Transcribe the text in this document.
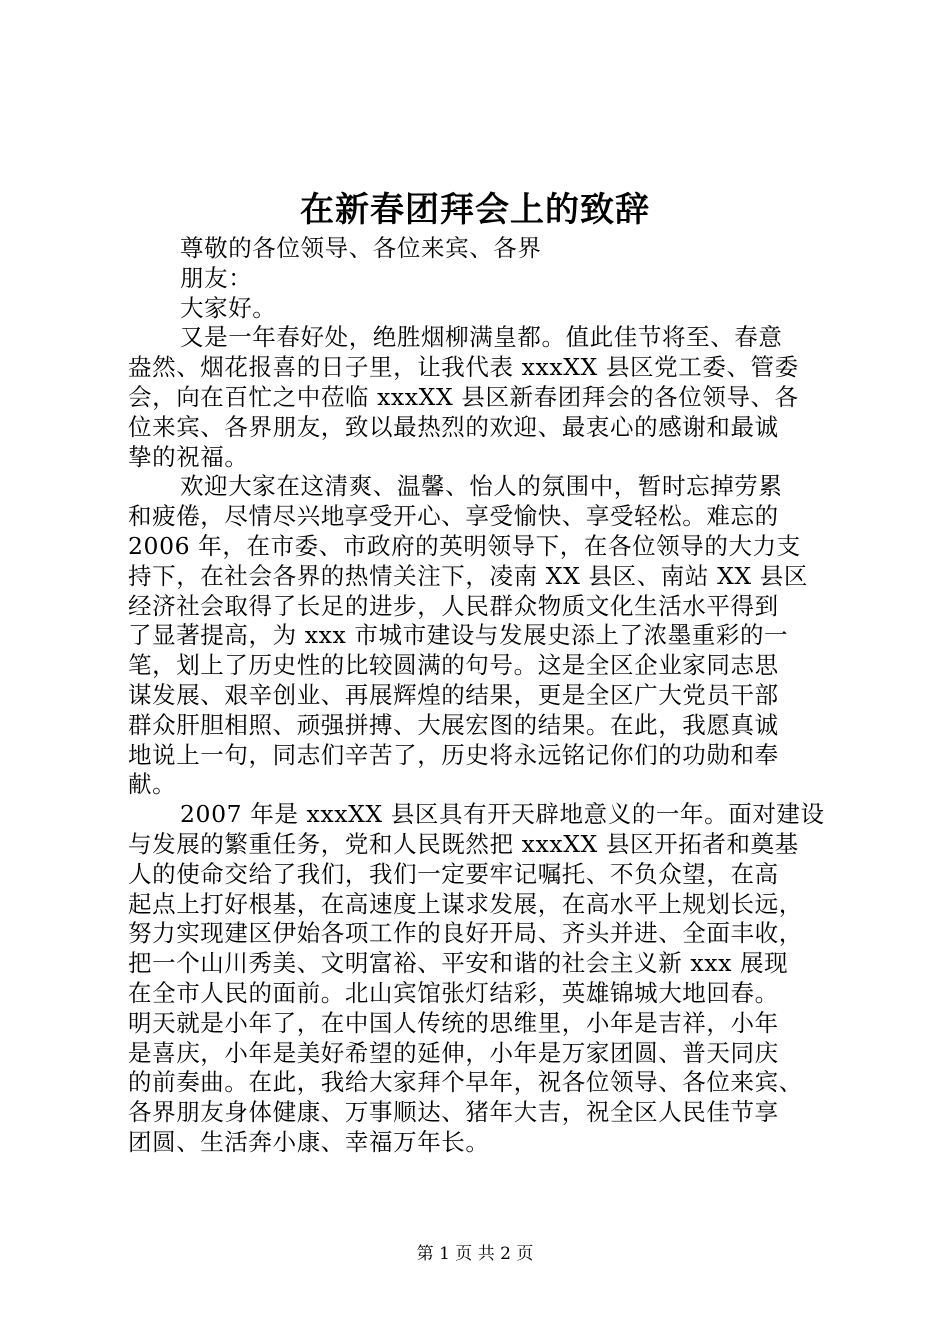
在新春团拜会上的致辞

尊敬的各位领导、各位来宾、各界

朋友：

大家好。

又是一年春好处，绝胜烟柳满皇都。值此佳节将至、春意

盎然、烟花报喜的日子里，让我代表 xxxXX 县区党工委、管委

会，向在百忙之中莅临 xxxXX 县区新春团拜会的各位领导、各

位来宾、各界朋友，致以最热烈的欢迎、最衷心的感谢和最诚

挚的祝福。

欢迎大家在这清爽、温馨、怡人的氛围中，暂时忘掉劳累

和疲倦，尽情尽兴地享受开心、享受愉快、享受轻松。难忘的

2006 年，在市委、市政府的英明领导下，在各位领导的大力支

持下，在社会各界的热情关注下，凌南 XX 县区、南站 XX 县区

经济社会取得了长足的进步，人民群众物质文化生活水平得到

了显著提高，为 xxx 市城市建设与发展史添上了浓墨重彩的一

笔，划上了历史性的比较圆满的句号。这是全区企业家同志思

谋发展、艰辛创业、再展辉煌的结果，更是全区广大党员干部

群众肝胆相照、顽强拼搏、大展宏图的结果。在此，我愿真诚

地说上一句，同志们辛苦了，历史将永远铭记你们的功勋和奉

献。

2007 年是 xxxXX 县区具有开天辟地意义的一年。面对建设

与发展的繁重任务，党和人民既然把 xxxXX 县区开拓者和奠基

人的使命交给了我们，我们一定要牢记嘱托、不负众望，在高

起点上打好根基，在高速度上谋求发展，在高水平上规划长远，

努力实现建区伊始各项工作的良好开局、齐头并进、全面丰收，

把一个山川秀美、文明富裕、平安和谐的社会主义新 xxx 展现

在全市人民的面前。北山宾馆张灯结彩，英雄锦城大地回春。

明天就是小年了，在中国人传统的思维里，小年是吉祥，小年

是喜庆，小年是美好希望的延伸，小年是万家团圆、普天同庆

的前奏曲。在此，我给大家拜个早年，祝各位领导、各位来宾、

各界朋友身体健康、万事顺达、猪年大吉，祝全区人民佳节享

团圆、生活奔小康、幸福万年长。

第 1 页 共 2 页
